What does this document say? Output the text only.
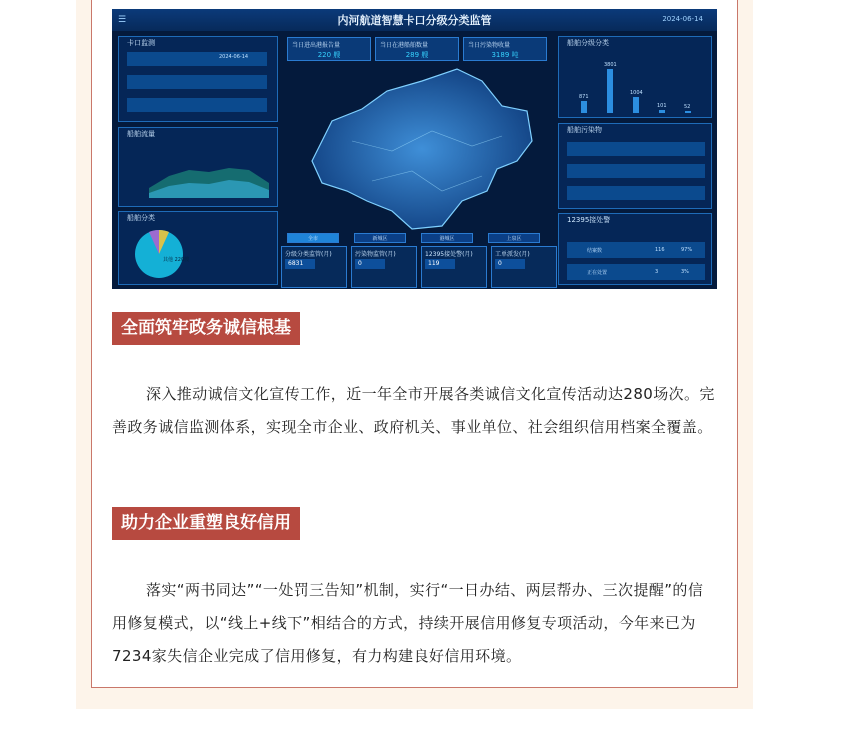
☰	内河航道智慧卡口分级分类监管	2024-06-14
卡口监测
2024-06-14
船舶流量
船舶分类
其他 220艘
当日进出港报告量
220 艘
当日在港船舶数量
289 艘
当日污染物收量
3189 吨
全市	新城区	港城区	上泉区
分级分类监管(月)
6831
污染物监管(月)
0
12395接处警(月)
119
工单派发(月)
0
船舶分级分类
871
3801
1004
101	52
船舶污染物
12395接处警
结案数	116	97%
正在处置	3	3%
全面筑牢政务诚信根基
深入推动诚信文化宣传工作，近一年全市开展各类诚信文化宣传活动达280场次。完善政务诚信监测体系，实现全市企业、政府机关、事业单位、社会组织信用档案全覆盖。
助力企业重塑良好信用
落实“两书同达”“一处罚三告知”机制，实行“一日办结、两层帮办、三次提醒”的信用修复模式，以“线上+线下”相结合的方式，持续开展信用修复专项活动，今年来已为7234家失信企业完成了信用修复，有力构建良好信用环境。
